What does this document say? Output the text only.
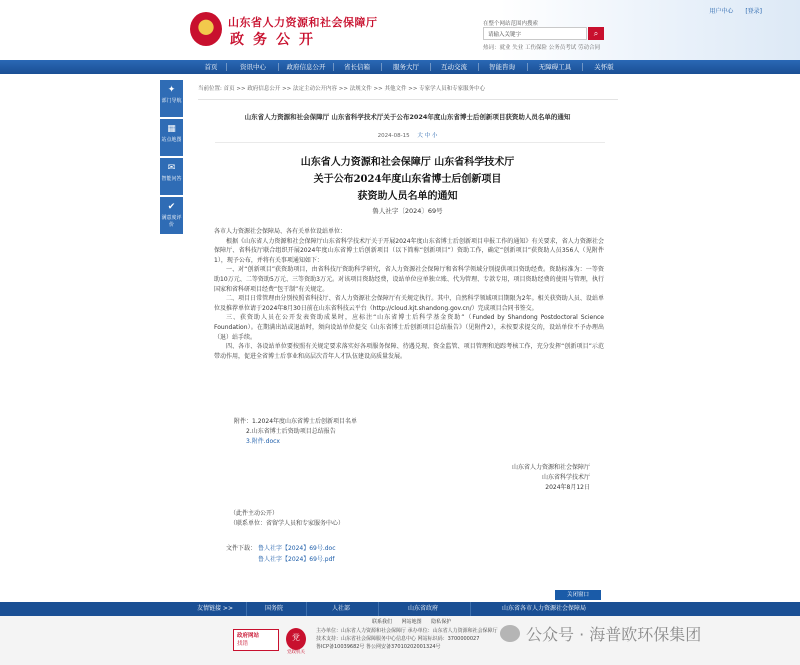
山东省人力资源和社会保障厅
政务公开
用户中心 [登录]
在整个网站范围内搜索
请输入关键字	⌕
热词：就业 失业 工伤保险 公务员考试 劳动合同
首页	资讯中心	政府信息公开	省长信箱	服务大厅	互动交流	智能咨询	无障碍工具	关怀版
✦
部门导航
▦
站点地图
✉
智能问答
✔
满意度评价
当前位置: 首页 >> 政府信息公开 >> 法定主动公开内容 >> 法规文件 >> 其他文件 >> 专家学人员和专家服务中心
山东省人力资源和社会保障厅 山东省科学技术厅关于公布2024年度山东省博士后创新项目获资助人员名单的通知
2024-08-15 大 中 小
山东省人力资源和社会保障厅 山东省科学技术厅
关于公布2024年度山东省博士后创新项目
获资助人员名单的通知
鲁人社字〔2024〕69号

各市人力资源社会保障局、各有关单位设站单位：

根据《山东省人力资源和社会保障厅山东省科学技术厅关于开展2024年度山东省博士后创新项目申报工作的通知》有关要求，省人力资源社会保障厅、省科技厅联合组织开展2024年度山东省博士后创新项目（以下简称“创新项目”）资助工作，确定“创新项目”获资助人员356人（见附件1），现予公布，并将有关事项通知如下：

一、对“创新项目”获资助项目，由省科技厅资助科学研究，省人力资源社会保障厅和省科学领域分别提供项目资助经费。资助标准为：一等资助10万元、二等资助5万元、三等资助3万元。对该项目资助经费，设站单位应单独立账、代为管理、专款专用，项目资助经费的使用与管理，执行国家和省科研项目经费“包干制”有关规定。

二、项目日常管理由分别按照省科技厅、省人力资源社会保障厅有关规定执行。其中，自然科学领域项目期限为2年。相关获资助人员、设站单位及推荐单位请于2024年8月30日前在山东省科技云平台（http://cloud.kjt.shandong.gov.cn/）完成项目合同书签交。

三、获资助人员在公开发表资助成果时，应标注“山东省博士后科学基金资助”（Funded by Shandong Postdoctoral Science Foundation）。在期满出站或退站时，须向设站单位提交《山东省博士后创新项目总结报告》（见附件2），未按要求提交的，设站单位不予办理出（退）站手续。

四、各市、各设站单位要按照有关规定要求落实好各项服务保障、待遇兑现、资金监管、项目管理和追踪考核工作，充分发挥“创新项目”示范带动作用，促进全省博士后事业和高层次青年人才队伍建设高质量发展。

附件：1.2024年度山东省博士后创新项目名单
2.山东省博士后资助项目总结报告
3.附件.docx
山东省人力资源和社会保障厅
山东省科学技术厅
2024年8月12日
（此件主动公开）
（联系单位：省留学人员和专家服务中心）
文件下载： 鲁人社字【2024】69号.doc
鲁人社字【2024】69号.pdf
关闭窗口
友情链接 >>	国务院	人社部	山东省政府	山东省各市人力资源社会保障局
联系我们 网站地图 隐私保护
主办单位：山东省人力资源和社会保障厅 承办单位：山东省人力资源和社会保障厅
技术支持：山东省社会保障服务中心信息中心 网站标识码：3700000027
鲁ICP备10039682号 鲁公网安备37010202001324号
政府网站
找错
党
党政机关
公众号 · 海普欧环保集团
